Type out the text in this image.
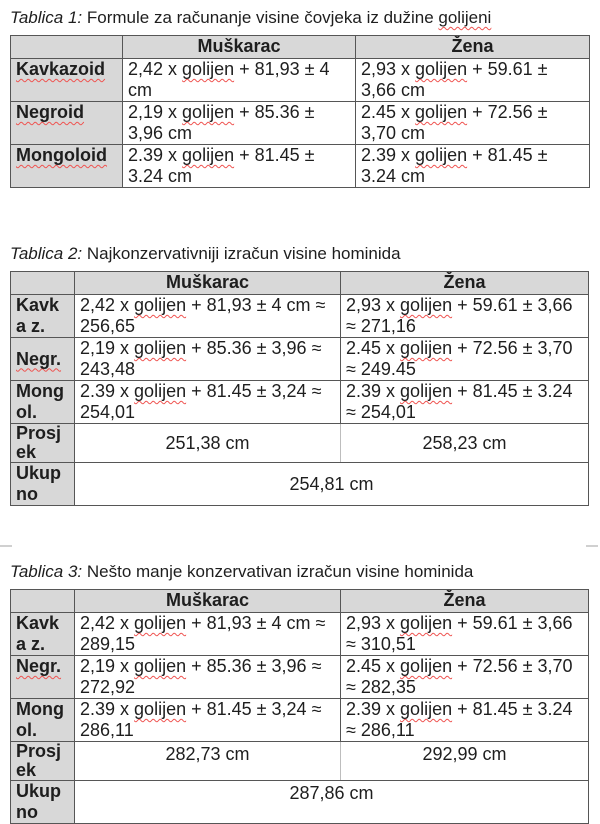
Tablica 1: Formule za računanje visine čovjeka iz dužine golijeni

	Muškarac	Žena
Kavkazoid	2,42 x golijen + 81,93 ± 4 cm	2,93 x golijen + 59.61 ± 3,66 cm
Negroid	2,19 x golijen + 85.36 ± 3,96 cm	2.45 x golijen + 72.56 ± 3,70 cm
Mongoloid	2.39 x golijen + 81.45 ± 3.24 cm	2.39 x golijen + 81.45 ± 3.24 cm

Tablica 2: Najkonzervativniji izračun visine hominida

	Muškarac	Žena
Kavka z.	2,42 x golijen + 81,93 ± 4 cm ≈ 256,65	2,93 x golijen + 59.61 ± 3,66 ≈ 271,16
Negr.	2,19 x golijen + 85.36 ± 3,96 ≈ 243,48	2.45 x golijen + 72.56 ± 3,70 ≈ 249.45
Mong ol.	2.39 x golijen + 81.45 ± 3,24 ≈ 254,01	2.39 x golijen + 81.45 ± 3.24 ≈ 254,01
Prosjek	251,38 cm	258,23 cm
Ukupno	254,81 cm	

Tablica 3: Nešto manje konzervativan izračun visine hominida

	Muškarac	Žena
Kavka z.	2,42 x golijen + 81,93 ± 4 cm ≈ 289,15	2,93 x golijen + 59.61 ± 3,66 ≈ 310,51
Negr.	2,19 x golijen + 85.36 ± 3,96 ≈ 272,92	2.45 x golijen + 72.56 ± 3,70 ≈ 282,35
Mong ol.	2.39 x golijen + 81.45 ± 3,24 ≈ 286,11	2.39 x golijen + 81.45 ± 3.24 ≈ 286,11
Prosjek	282,73 cm	292,99 cm
Ukupno	287,86 cm	
